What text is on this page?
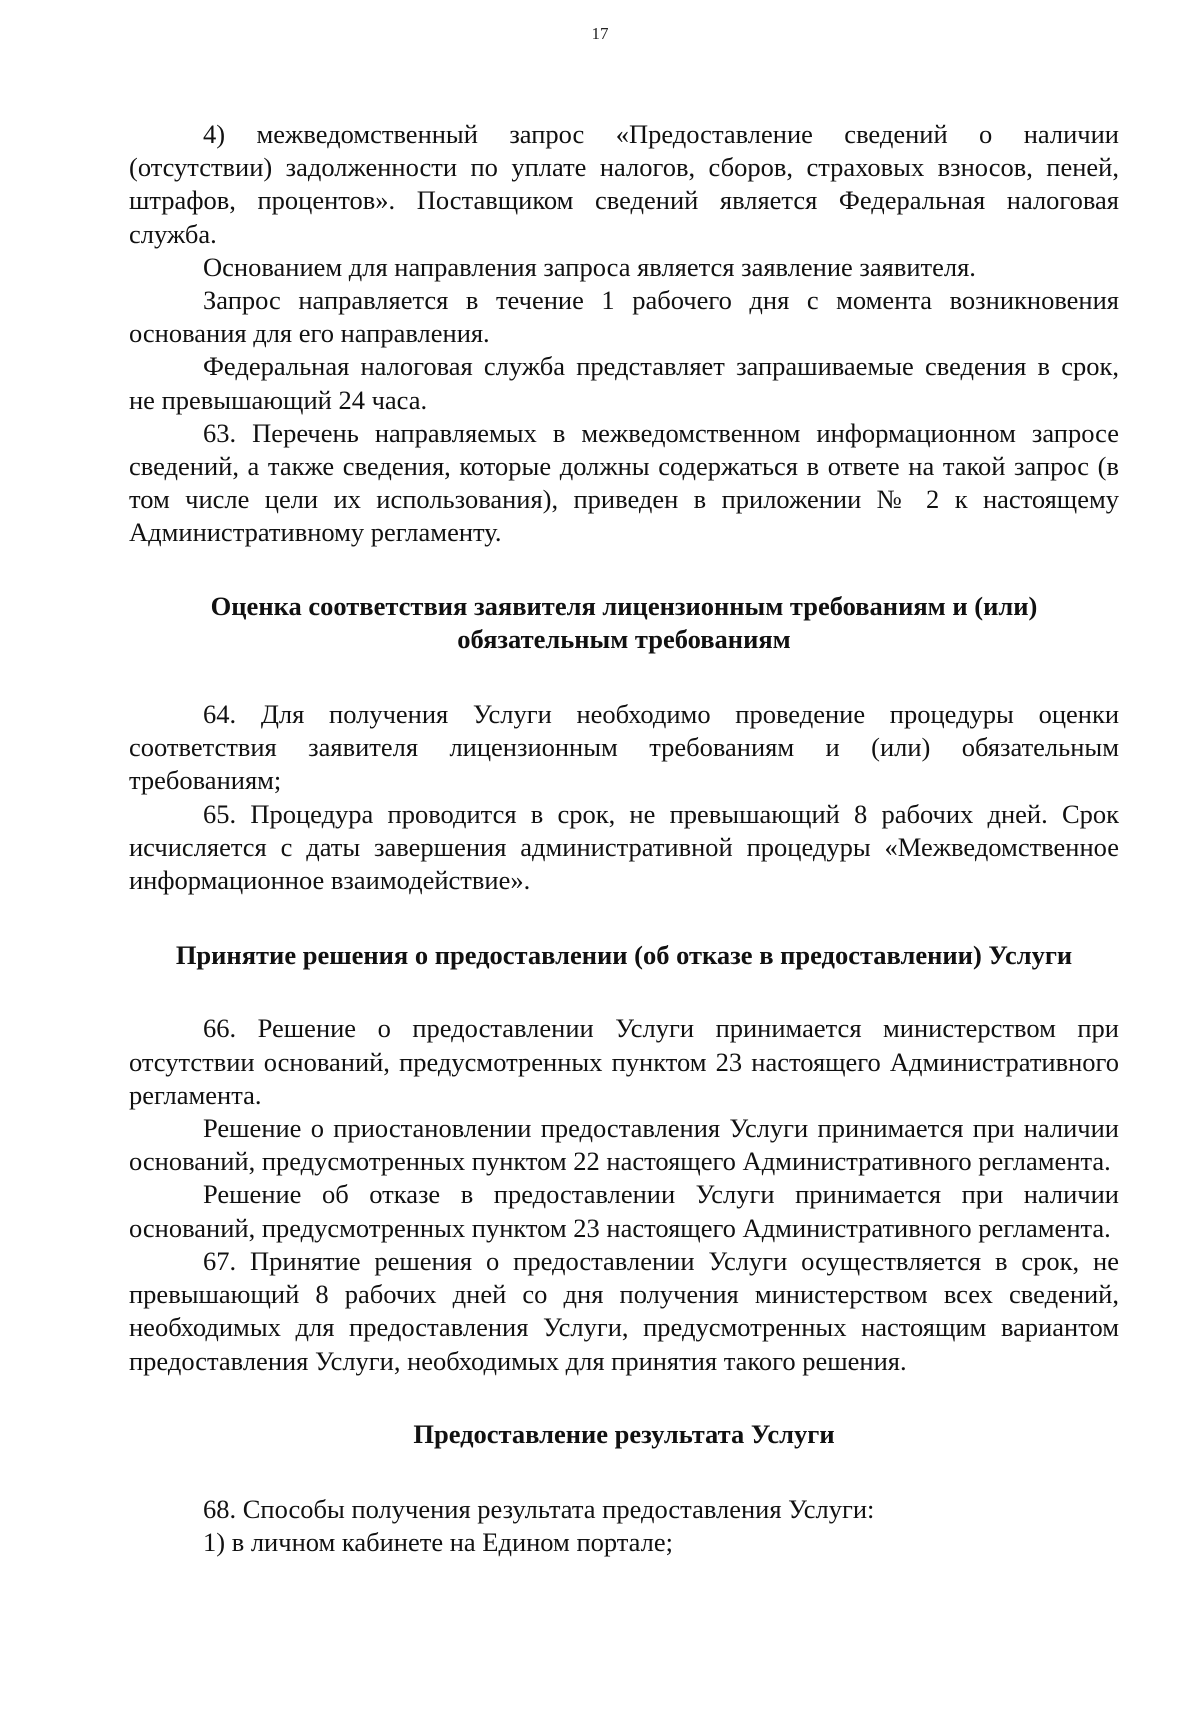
17

4) межведомственный запрос «Предоставление сведений о наличии (отсутствии) задолженности по уплате налогов, сборов, страховых взносов, пеней, штрафов, процентов». Поставщиком сведений является Федеральная налоговая служба.

Основанием для направления запроса является заявление заявителя.

Запрос направляется в течение 1 рабочего дня с момента возникновения основания для его направления.

Федеральная налоговая служба представляет запрашиваемые сведения в срок, не превышающий 24 часа.

63. Перечень направляемых в межведомственном информационном запросе сведений, а также сведения, которые должны содержаться в ответе на такой запрос (в том числе цели их использования), приведен в приложении № 2 к настоящему Административному регламенту.

Оценка соответствия заявителя лицензионным требованиям и (или) обязательным требованиям

64. Для получения Услуги необходимо проведение процедуры оценки соответствия заявителя лицензионным требованиям и (или) обязательным требованиям;

65. Процедура проводится в срок, не превышающий 8 рабочих дней. Срок исчисляется с даты завершения административной процедуры «Межведомственное информационное взаимодействие».

Принятие решения о предоставлении (об отказе в предоставлении) Услуги

66. Решение о предоставлении Услуги принимается министерством при отсутствии оснований, предусмотренных пунктом 23 настоящего Административного регламента.

Решение о приостановлении предоставления Услуги принимается при наличии оснований, предусмотренных пунктом 22 настоящего Административного регламента.

Решение об отказе в предоставлении Услуги принимается при наличии оснований, предусмотренных пунктом 23 настоящего Административного регламента.

67. Принятие решения о предоставлении Услуги осуществляется в срок, не превышающий 8 рабочих дней со дня получения министерством всех сведений, необходимых для предоставления Услуги, предусмотренных настоящим вариантом предоставления Услуги, необходимых для принятия такого решения.

Предоставление результата Услуги

68. Способы получения результата предоставления Услуги:

1) в личном кабинете на Едином портале;
